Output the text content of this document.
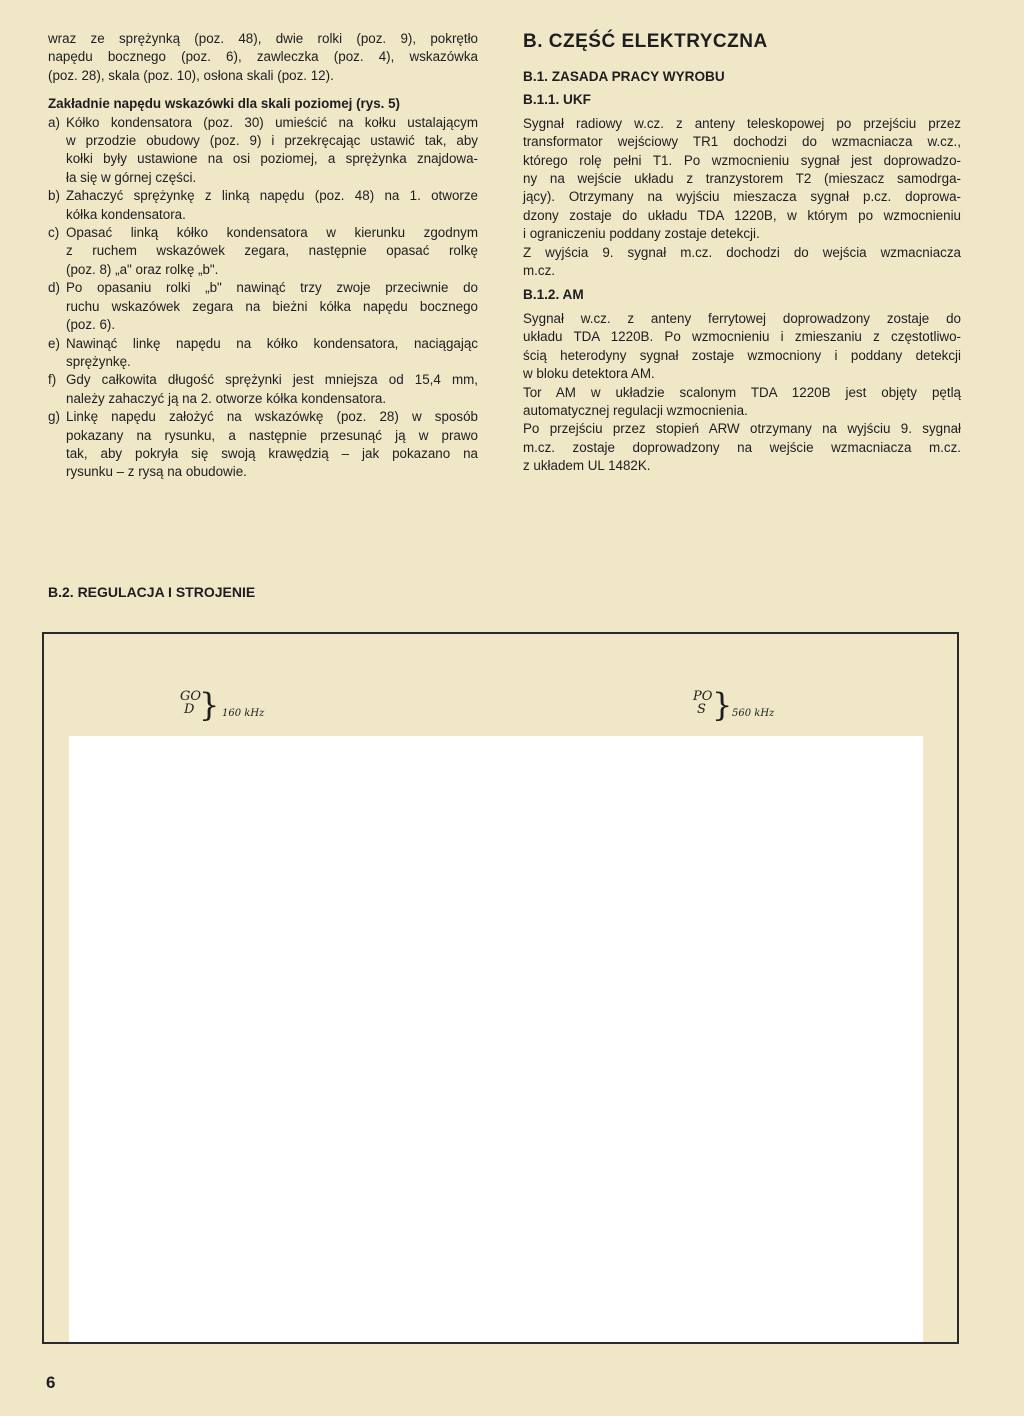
wraz ze sprężynką (poz. 48), dwie rolki (poz. 9), pokrętło

napędu bocznego (poz. 6), zawleczka (poz. 4), wskazówka

(poz. 28), skala (poz. 10), osłona skali (poz. 12).

Zakładnie napędu wskazówki dla skali poziomej (rys. 5)

a) Kółko kondensatora (poz. 30) umieścić na kołku ustalającym

w przodzie obudowy (poz. 9) i przekręcając ustawić tak, aby

kołki były ustawione na osi poziomej, a sprężynka znajdowa-

ła się w górnej części.

b) Zahaczyć sprężynkę z linką napędu (poz. 48) na 1. otworze

kółka kondensatora.

c) Opasać linką kółko kondensatora w kierunku zgodnym

z ruchem wskazówek zegara, następnie opasać rolkę

(poz. 8) „a" oraz rolkę „b".

d) Po opasaniu rolki „b" nawinąć trzy zwoje przeciwnie do

ruchu wskazówek zegara na bieżni kółka napędu bocznego

(poz. 6).

e) Nawinąć linkę napędu na kółko kondensatora, naciągając

sprężynkę.

f) Gdy całkowita długość sprężynki jest mniejsza od 15,4 mm,

należy zahaczyć ją na 2. otworze kółka kondensatora.

g) Linkę napędu założyć na wskazówkę (poz. 28) w sposób

pokazany na rysunku, a następnie przesunąć ją w prawo

tak, aby pokryła się swoją krawędzią – jak pokazano na

rysunku – z rysą na obudowie.

B. CZĘŚĆ ELEKTRYCZNA

B.1. ZASADA PRACY WYROBU

B.1.1. UKF

Sygnał radiowy w.cz. z anteny teleskopowej po przejściu przez

transformator wejściowy TR1 dochodzi do wzmacniacza w.cz.,

którego rolę pełni T1. Po wzmocnieniu sygnał jest doprowadzo-

ny na wejście układu z tranzystorem T2 (mieszacz samodrga-

jący). Otrzymany na wyjściu mieszacza sygnał p.cz. doprowa-

dzony zostaje do układu TDA 1220B, w którym po wzmocnieniu

i ograniczeniu poddany zostaje detekcji.

Z wyjścia 9. sygnał m.cz. dochodzi do wejścia wzmacniacza

m.cz.

B.1.2. AM

Sygnał w.cz. z anteny ferrytowej doprowadzony zostaje do

układu TDA 1220B. Po wzmocnieniu i zmieszaniu z częstotliwo-

ścią heterodyny sygnał zostaje wzmocniony i poddany detekcji

w bloku detektora AM.

Tor AM w układzie scalonym TDA 1220B jest objęty pętlą

automatycznej regulacji wzmocnienia.

Po przejściu przez stopień ARW otrzymany na wyjściu 9. sygnał

m.cz. zostaje doprowadzony na wejście wzmacniacza m.cz.

z układem UL 1482K.

B.2. REGULACJA I STROJENIE
GO
D } 160 kHz
PO
S } 560 kHz
6
